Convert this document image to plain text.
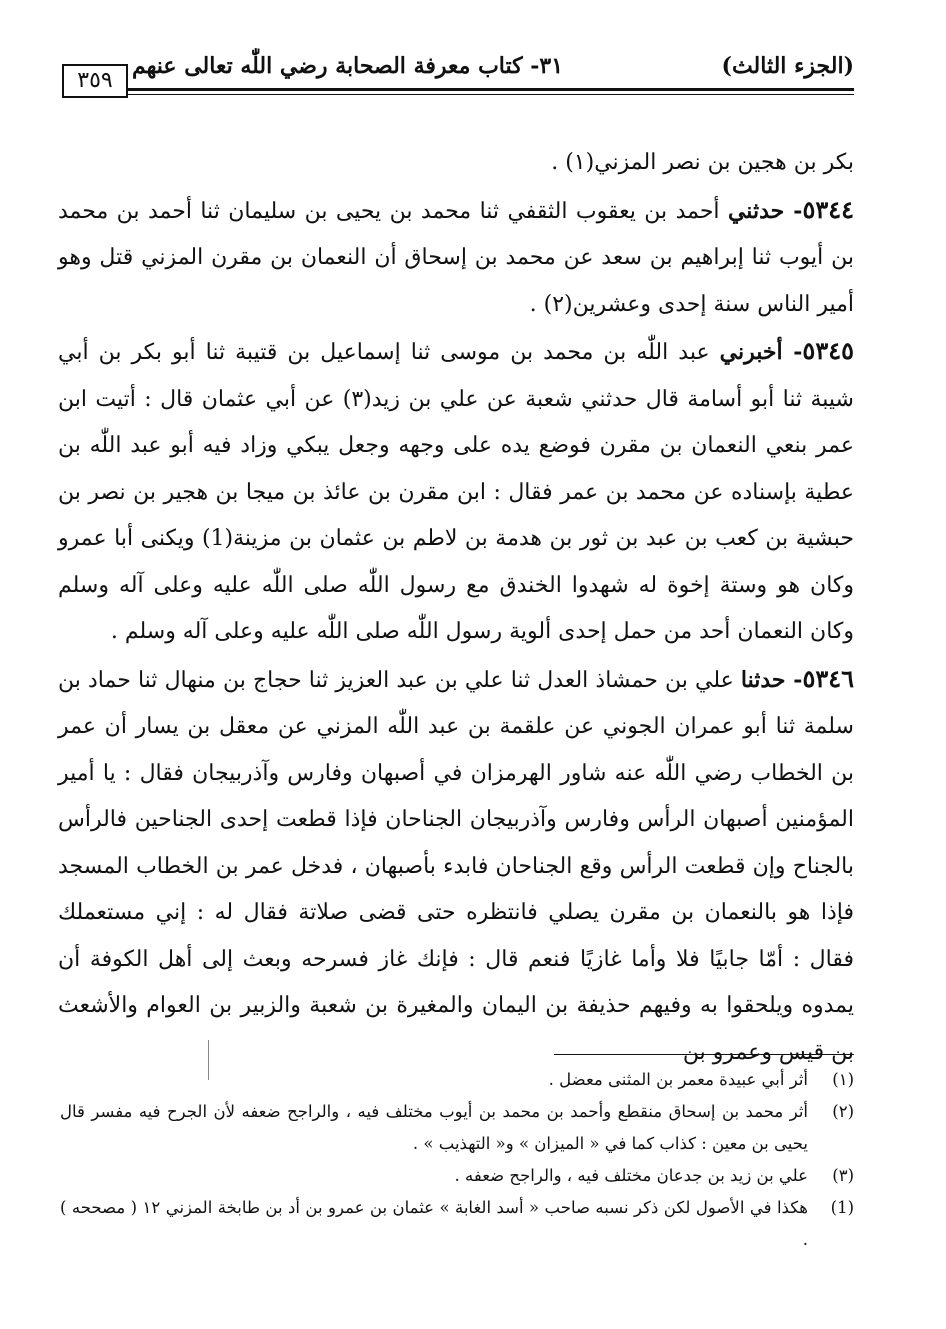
(الجزء الثالث)
٣١- كتاب معرفة الصحابة رضي اللّٰه تعالى عنهم
٣٥٩

بكر بن هجين بن نصر المزني(١) .

٥٣٤٤- حدثني أحمد بن يعقوب الثقفي ثنا محمد بن يحيى بن سليمان ثنا أحمد بن محمد بن أيوب ثنا إبراهيم بن سعد عن محمد بن إسحاق أن النعمان بن مقرن المزني قتل وهو أمير الناس سنة إحدى وعشرين(٢) .

٥٣٤٥- أخبرني عبد اللّٰه بن محمد بن موسى ثنا إسماعيل بن قتيبة ثنا أبو بكر بن أبي شيبة ثنا أبو أسامة قال حدثني شعبة عن علي بن زيد(٣) عن أبي عثمان قال : أتيت ابن عمر بنعي النعمان بن مقرن فوضع يده على وجهه وجعل يبكي وزاد فيه أبو عبد اللّٰه بن عطية بإسناده عن محمد بن عمر فقال : ابن مقرن بن عائذ بن ميجا بن هجير بن نصر بن حبشية بن كعب بن عبد بن ثور بن هدمة بن لاطم بن عثمان بن مزينة(1) ويكنى أبا عمرو وكان هو وستة إخوة له شهدوا الخندق مع رسول اللّٰه صلى اللّٰه عليه وعلى آله وسلم وكان النعمان أحد من حمل إحدى ألوية رسول اللّٰه صلى اللّٰه عليه وعلى آله وسلم .

٥٣٤٦- حدثنا علي بن حمشاذ العدل ثنا علي بن عبد العزيز ثنا حجاج بن منهال ثنا حماد بن سلمة ثنا أبو عمران الجوني عن علقمة بن عبد اللّٰه المزني عن معقل بن يسار أن عمر بن الخطاب رضي اللّٰه عنه شاور الهرمزان في أصبهان وفارس وآذربيجان فقال : يا أمير المؤمنين أصبهان الرأس وفارس وآذربيجان الجناحان فإذا قطعت إحدى الجناحين فالرأس بالجناح وإن قطعت الرأس وقع الجناحان فابدء بأصبهان ، فدخل عمر بن الخطاب المسجد فإذا هو بالنعمان بن مقرن يصلي فانتظره حتى قضى صلاتة فقال له : إني مستعملك فقال : أمّا جابيًا فلا وأما غازيًا فنعم قال : فإنك غاز فسرحه وبعث إلى أهل الكوفة أن يمدوه ويلحقوا به وفيهم حذيفة بن اليمان والمغيرة بن شعبة والزبير بن العوام والأشعث بن قيس وعمرو بن

(١)
أثر أبي عبيدة معمر بن المثنى معضل .
(٢)
أثر محمد بن إسحاق منقطع وأحمد بن محمد بن أيوب مختلف فيه ، والراجح ضعفه لأن الجرح فيه مفسر قال يحيى بن معين : كذاب كما في « الميزان » و« التهذيب » .
(٣)
علي بن زيد بن جدعان مختلف فيه ، والراجح ضعفه .
(1)
هكذا في الأصول لكن ذكر نسبه صاحب « أسد الغابة » عثمان بن عمرو بن أد بن طابخة المزني ١٢ ( مصححه ) .
